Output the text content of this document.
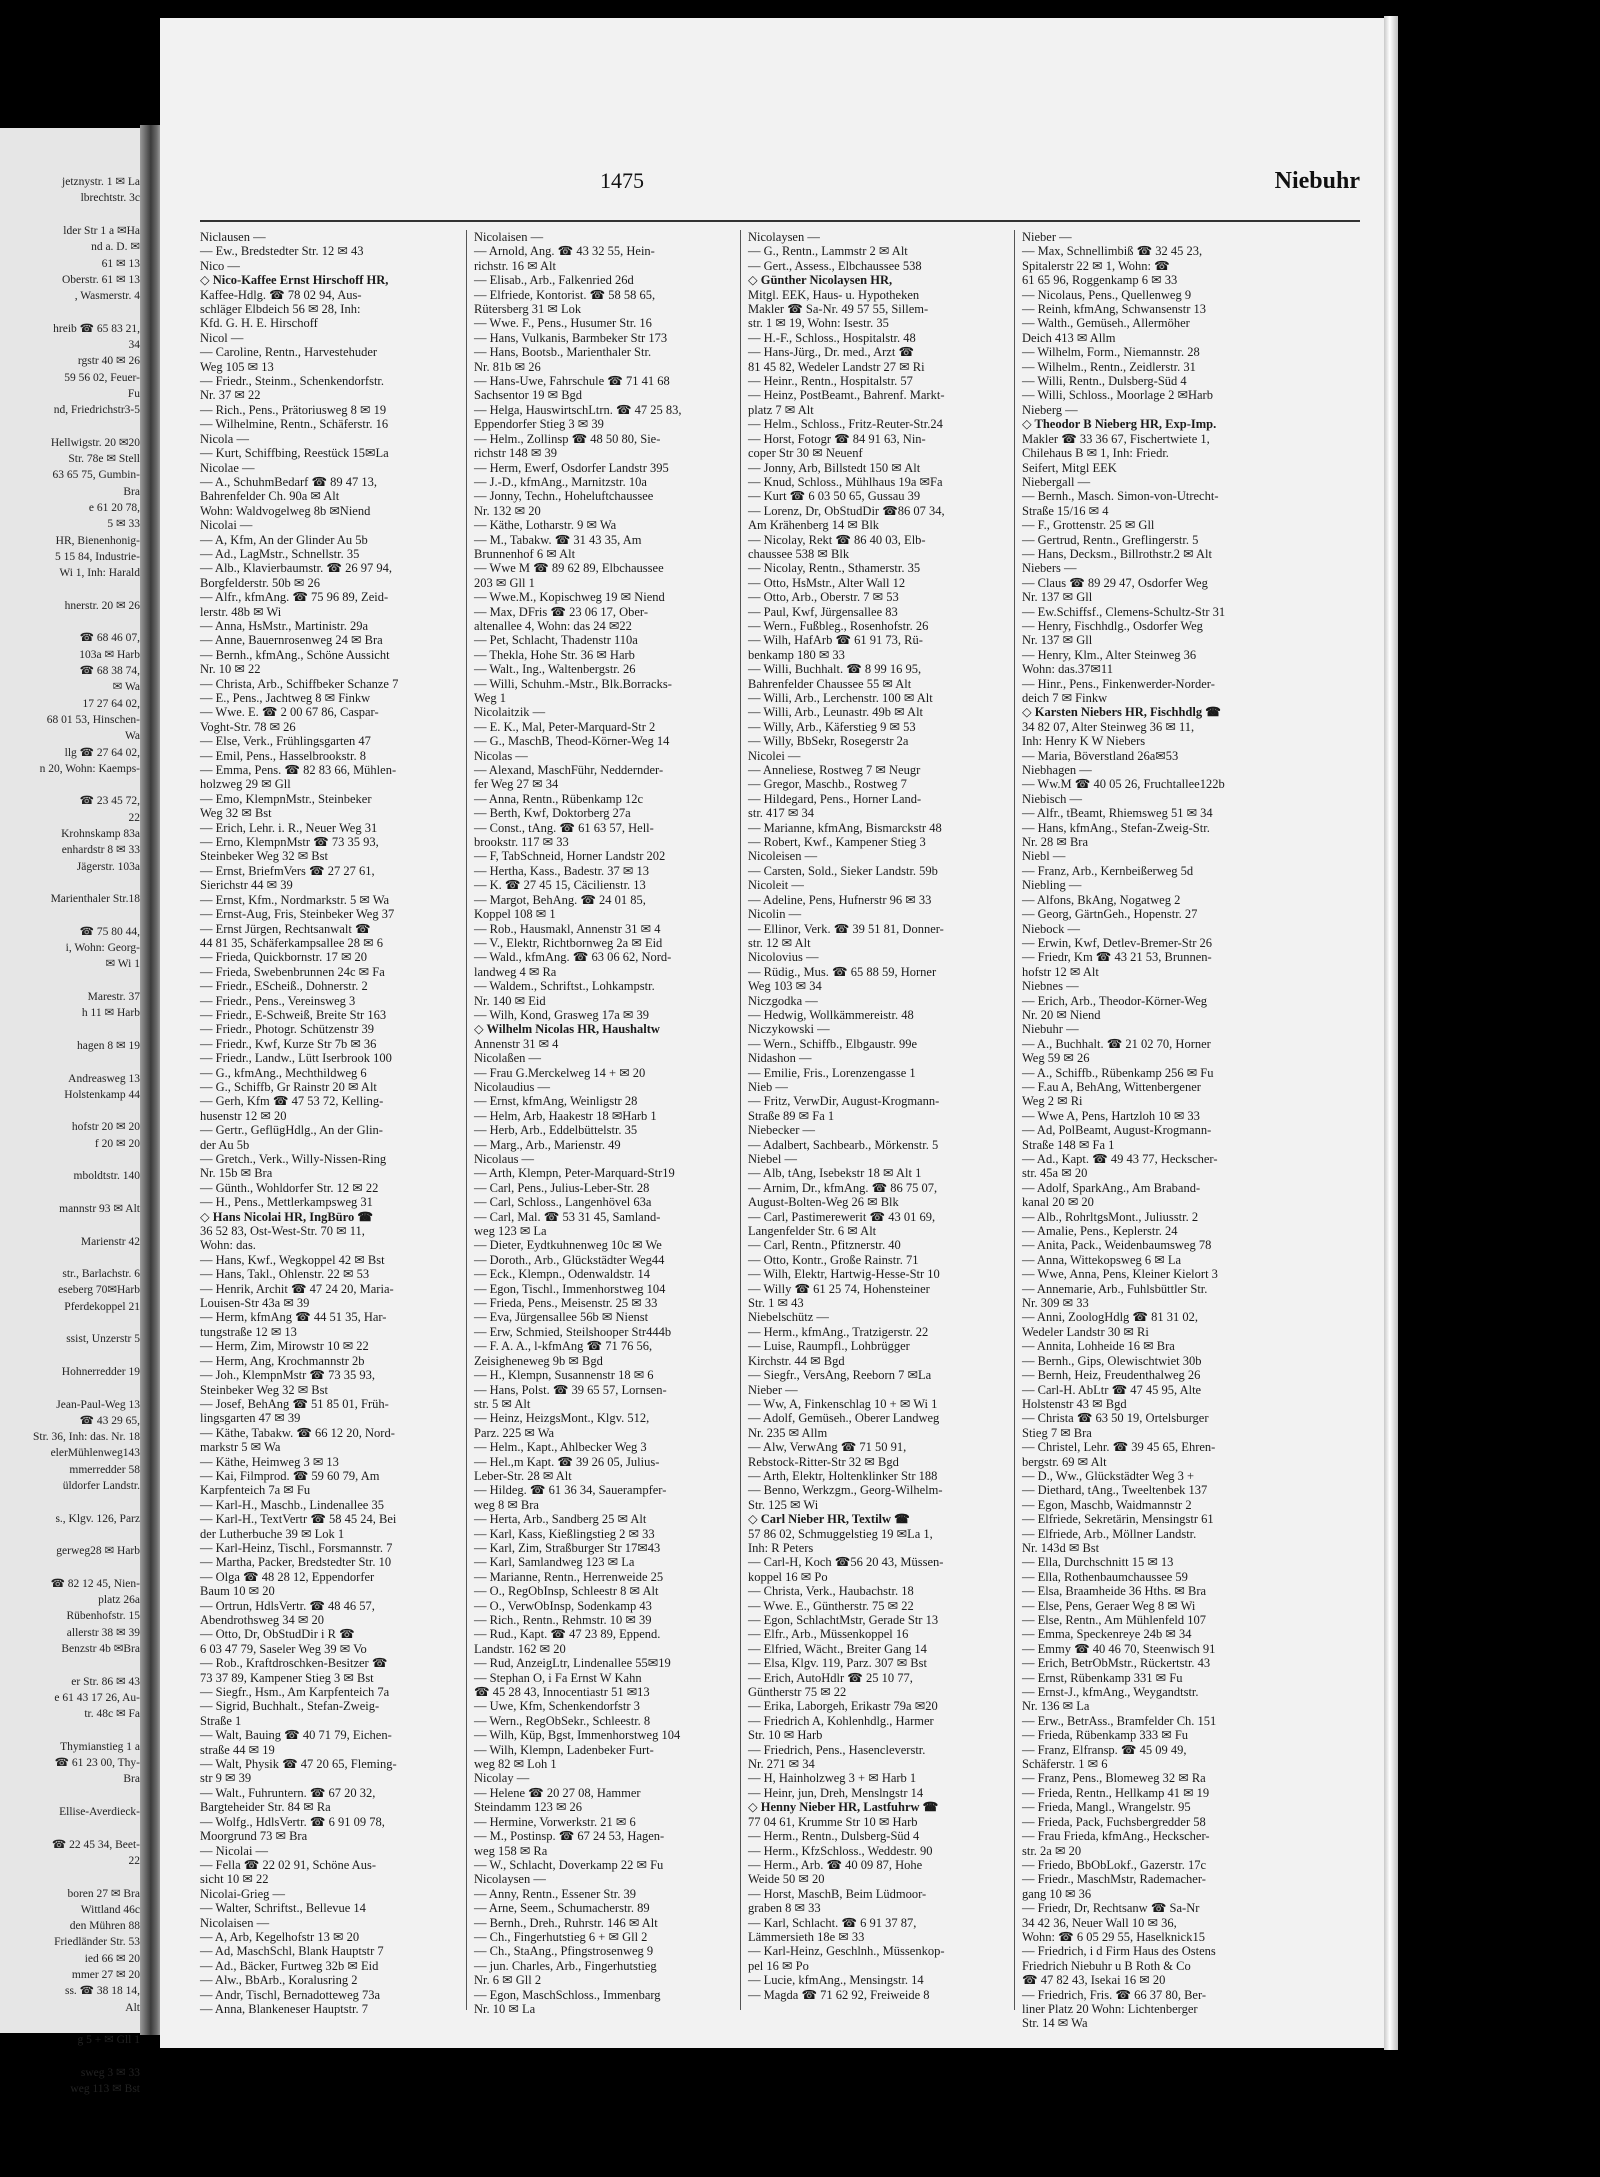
jetznystr. 1 ✉ La
lbrechtstr. 3c
lder Str 1 a ✉Ha
nd a. D. ✉
61 ✉ 13
Oberstr. 61 ✉ 13
, Wasmerstr. 4
hreib ☎ 65 83 21,
34
rgstr 40 ✉ 26
59 56 02, Feuer-
Fu
nd, Friedrichstr3-5
Hellwigstr. 20 ✉20
Str. 78e ✉ Stell
63 65 75, Gumbin-
Bra
e 61 20 78,
5 ✉ 33
HR, Bienenhonig-
5 15 84, Industrie-
Wi 1, Inh: Harald
hnerstr. 20 ✉ 26
☎ 68 46 07,
103a ✉ Harb
☎ 68 38 74,
✉ Wa
17 27 64 02,
68 01 53, Hinschen-
Wa
llg ☎ 27 64 02,
n 20, Wohn: Kaemps-
☎ 23 45 72,
22
Krohnskamp 83a
enhardstr 8 ✉ 33
Jägerstr. 103a
Marienthaler Str.18
☎ 75 80 44,
i, Wohn: Georg-
✉ Wi 1
Marestr. 37
h 11 ✉ Harb
hagen 8 ✉ 19
Andreasweg 13
Holstenkamp 44
hofstr 20 ✉ 20
f 20 ✉ 20
mboldtstr. 140
mannstr 93 ✉ Alt
Marienstr 42
str., Barlachstr. 6
eseberg 70✉Harb
Pferdekoppel 21
ssist, Unzerstr 5
Hohnerredder 19
Jean-Paul-Weg 13
☎ 43 29 65,
Str. 36, Inh: das. Nr. 18
elerMühlenweg143
mmerredder 58
üldorfer Landstr.
s., Klgv. 126, Parz
gerweg28 ✉ Harb
☎ 82 12 45, Nien-
platz 26a
Rübenhofstr. 15
allerstr 38 ✉ 39
Benzstr 4b ✉Bra
er Str. 86 ✉ 43
e 61 43 17 26, Au-
tr. 48c ✉ Fa
Thymianstieg 1 a
☎ 61 23 00, Thy-
Bra
Ellise-Averdieck-
☎ 22 45 34, Beet-
22
boren 27 ✉ Bra
Wittland 46c
den Mühren 88
Friedländer Str. 53
ied 66 ✉ 20
mmer 27 ✉ 20
ss. ☎ 38 18 14,
Alt
g 5 + ✉ Gll 1
sweg 3 ✉ 33
weg 113 ✉ Bst
1475	Niebuhr
Niclausen —
— Ew., Bredstedter Str. 12 ✉ 43
Nico —
◇ Nico-Kaffee Ernst Hirschoff HR,
Kaffee-Hdlg. ☎ 78 02 94, Aus-
schläger Elbdeich 56 ✉ 28, Inh:
Kfd. G. H. E. Hirschoff
Nicol —
— Caroline, Rentn., Harvestehuder
Weg 105 ✉ 13
— Friedr., Steinm., Schenkendorfstr.
Nr. 37 ✉ 22
— Rich., Pens., Prätoriusweg 8 ✉ 19
— Wilhelmine, Rentn., Schäferstr. 16
Nicola —
— Kurt, Schiffbing, Reestück 15✉La
Nicolae —
— A., SchuhmBedarf ☎ 89 47 13,
Bahrenfelder Ch. 90a ✉ Alt
Wohn: Waldvogelweg 8b ✉Niend
Nicolai —
— A, Kfm, An der Glinder Au 5b
— Ad., LagMstr., Schnellstr. 35
— Alb., Klavierbaumstr. ☎ 26 97 94,
Borgfelderstr. 50b ✉ 26
— Alfr., kfmAng. ☎ 75 96 89, Zeid-
lerstr. 48b ✉ Wi
— Anna, HsMstr., Martinistr. 29a
— Anne, Bauernrosenweg 24 ✉ Bra
— Bernh., kfmAng., Schöne Aussicht
Nr. 10 ✉ 22
— Christa, Arb., Schiffbeker Schanze 7
— E., Pens., Jachtweg 8 ✉ Finkw
— Wwe. E. ☎ 2 00 67 86, Caspar-
Voght-Str. 78 ✉ 26
— Else, Verk., Frühlingsgarten 47
— Emil, Pens., Hasselbrookstr. 8
— Emma, Pens. ☎ 82 83 66, Mühlen-
holzweg 29 ✉ Gll
— Emo, KlempnMstr., Steinbeker
Weg 32 ✉ Bst
— Erich, Lehr. i. R., Neuer Weg 31
— Erno, KlempnMstr ☎ 73 35 93,
Steinbeker Weg 32 ✉ Bst
— Ernst, BriefmVers ☎ 27 27 61,
Sierichstr 44 ✉ 39
— Ernst, Kfm., Nordmarkstr. 5 ✉ Wa
— Ernst-Aug, Fris, Steinbeker Weg 37
— Ernst Jürgen, Rechtsanwalt ☎
44 81 35, Schäferkampsallee 28 ✉ 6
— Frieda, Quickbornstr. 17 ✉ 20
— Frieda, Swebenbrunnen 24c ✉ Fa
— Friedr., EScheiß., Dohnerstr. 2
— Friedr., Pens., Vereinsweg 3
— Friedr., E-Schweiß, Breite Str 163
— Friedr., Photogr. Schützenstr 39
— Friedr., Kwf, Kurze Str 7b ✉ 36
— Friedr., Landw., Lütt Iserbrook 100
— G., kfmAng., Mechthildweg 6
— G., Schiffb, Gr Rainstr 20 ✉ Alt
— Gerh, Kfm ☎ 47 53 72, Kelling-
husenstr 12 ✉ 20
— Gertr., GeflügHdlg., An der Glin-
der Au 5b
— Gretch., Verk., Willy-Nissen-Ring
Nr. 15b ✉ Bra
— Günth., Wohldorfer Str. 12 ✉ 22
— H., Pens., Mettlerkampsweg 31
◇ Hans Nicolai HR, IngBüro ☎
36 52 83, Ost-West-Str. 70 ✉ 11,
Wohn: das.
— Hans, Kwf., Wegkoppel 42 ✉ Bst
— Hans, Takl., Ohlenstr. 22 ✉ 53
— Henrik, Archit ☎ 47 24 20, Maria-
Louisen-Str 43a ✉ 39
— Herm, kfmAng ☎ 44 51 35, Har-
tungstraße 12 ✉ 13
— Herm, Zim, Mirowstr 10 ✉ 22
— Herm, Ang, Krochmannstr 2b
— Joh., KlempnMstr ☎ 73 35 93,
Steinbeker Weg 32 ✉ Bst
— Josef, BehAng ☎ 51 85 01, Früh-
lingsgarten 47 ✉ 39
— Käthe, Tabakw. ☎ 66 12 20, Nord-
markstr 5 ✉ Wa
— Käthe, Heimweg 3 ✉ 13
— Kai, Filmprod. ☎ 59 60 79, Am
Karpfenteich 7a ✉ Fu
— Karl-H., Maschb., Lindenallee 35
— Karl-H., TextVertr ☎ 58 45 24, Bei
der Lutherbuche 39 ✉ Lok 1
— Karl-Heinz, Tischl., Forsmannstr. 7
— Martha, Packer, Bredstedter Str. 10
— Olga ☎ 48 28 12, Eppendorfer
Baum 10 ✉ 20
— Ortrun, HdlsVertr. ☎ 48 46 57,
Abendrothsweg 34 ✉ 20
— Otto, Dr, ObStudDir i R ☎
6 03 47 79, Saseler Weg 39 ✉ Vo
— Rob., Kraftdroschken-Besitzer ☎
73 37 89, Kampener Stieg 3 ✉ Bst
— Siegfr., Hsm., Am Karpfenteich 7a
— Sigrid, Buchhalt., Stefan-Zweig-
Straße 1
— Walt, Bauing ☎ 40 71 79, Eichen-
straße 44 ✉ 19
— Walt, Physik ☎ 47 20 65, Fleming-
str 9 ✉ 39
— Walt., Fuhruntern. ☎ 67 20 32,
Bargteheider Str. 84 ✉ Ra
— Wolfg., HdlsVertr. ☎ 6 91 09 78,
Moorgrund 73 ✉ Bra
— Nicolai —
— Fella ☎ 22 02 91, Schöne Aus-
sicht 10 ✉ 22
Nicolai-Grieg —
— Walter, Schriftst., Bellevue 14
Nicolaisen —
— A, Arb, Kegelhofstr 13 ✉ 20
— Ad, MaschSchl, Blank Hauptstr 7
— Ad., Bäcker, Furtweg 32b ✉ Eid
— Alw., BbArb., Koralusring 2
— Andr, Tischl, Bernadotteweg 73a
— Anna, Blankeneser Hauptstr. 7
Nicolaisen —
— Arnold, Ang. ☎ 43 32 55, Hein-
richstr. 16 ✉ Alt
— Elisab., Arb., Falkenried 26d
— Elfriede, Kontorist. ☎ 58 58 65,
Rütersberg 31 ✉ Lok
— Wwe. F., Pens., Husumer Str. 16
— Hans, Vulkanis, Barmbeker Str 173
— Hans, Bootsb., Marienthaler Str.
Nr. 81b ✉ 26
— Hans-Uwe, Fahrschule ☎ 71 41 68
Sachsentor 19 ✉ Bgd
— Helga, HauswirtschLtrn. ☎ 47 25 83,
Eppendorfer Stieg 3 ✉ 39
— Helm., Zollinsp ☎ 48 50 80, Sie-
richstr 148 ✉ 39
— Herm, Ewerf, Osdorfer Landstr 395
— J.-D., kfmAng., Marnitzstr. 10a
— Jonny, Techn., Hoheluftchaussee
Nr. 132 ✉ 20
— Käthe, Lotharstr. 9 ✉ Wa
— M., Tabakw. ☎ 31 43 35, Am
Brunnenhof 6 ✉ Alt
— Wwe M ☎ 89 62 89, Elbchaussee
203 ✉ Gll 1
— Wwe.M., Kopischweg 19 ✉ Niend
— Max, DFris ☎ 23 06 17, Ober-
altenallee 4, Wohn: das 24 ✉22
— Pet, Schlacht, Thadenstr 110a
— Thekla, Hohe Str. 36 ✉ Harb
— Walt., Ing., Waltenbergstr. 26
— Willi, Schuhm.-Mstr., Blk.Borracks-
Weg 1
Nicolaitzik —
— E. K., Mal, Peter-Marquard-Str 2
— G., MaschB, Theod-Körner-Weg 14
Nicolas —
— Alexand, MaschFühr, Neddernder-
fer Weg 27 ✉ 34
— Anna, Rentn., Rübenkamp 12c
— Berth, Kwf, Doktorberg 27a
— Const., tAng. ☎ 61 63 57, Hell-
brookstr. 117 ✉ 33
— F, TabSchneid, Horner Landstr 202
— Hertha, Kass., Badestr. 37 ✉ 13
— K. ☎ 27 45 15, Cäcilienstr. 13
— Margot, BehAng. ☎ 24 01 85,
Koppel 108 ✉ 1
— Rob., Hausmakl, Annenstr 31 ✉ 4
— V., Elektr, Richtbornweg 2a ✉ Eid
— Wald., kfmAng. ☎ 63 06 62, Nord-
landweg 4 ✉ Ra
— Waldem., Schriftst., Lohkampstr.
Nr. 140 ✉ Eid
— Wilh, Kond, Grasweg 17a ✉ 39
◇ Wilhelm Nicolas HR, Haushaltw
Annenstr 31 ✉ 4
Nicolaßen —
— Frau G.Merckelweg 14 + ✉ 20
Nicolaudius —
— Ernst, kfmAng, Weinligstr 28
— Helm, Arb, Haakestr 18 ✉Harb 1
— Herb, Arb., Eddelbüttelstr. 35
— Marg., Arb., Marienstr. 49
Nicolaus —
— Arth, Klempn, Peter-Marquard-Str19
— Carl, Pens., Julius-Leber-Str. 28
— Carl, Schloss., Langenhövel 63a
— Carl, Mal. ☎ 53 31 45, Samland-
weg 123 ✉ La
— Dieter, Eydtkuhnenweg 10c ✉ We
— Doroth., Arb., Glückstädter Weg44
— Eck., Klempn., Odenwaldstr. 14
— Egon, Tischl., Immenhorstweg 104
— Frieda, Pens., Meisenstr. 25 ✉ 33
— Eva, Jürgensallee 56b ✉ Nienst
— Erw, Schmied, Steilshooper Str444b
— F. A. A., l-kfmAng ☎ 71 76 56,
Zeisigheneweg 9b ✉ Bgd
— H., Klempn, Susannenstr 18 ✉ 6
— Hans, Polst. ☎ 39 65 57, Lornsen-
str. 5 ✉ Alt
— Heinz, HeizgsMont., Klgv. 512,
Parz. 225 ✉ Wa
— Helm., Kapt., Ahlbecker Weg 3
— Hel.,m Kapt. ☎ 39 26 05, Julius-
Leber-Str. 28 ✉ Alt
— Hildeg. ☎ 61 36 34, Sauerampfer-
weg 8 ✉ Bra
— Herta, Arb., Sandberg 25 ✉ Alt
— Karl, Kass, Kießlingstieg 2 ✉ 33
— Karl, Zim, Straßburger Str 17✉43
— Karl, Samlandweg 123 ✉ La
— Marianne, Rentn., Herrenweide 25
— O., RegObInsp, Schleestr 8 ✉ Alt
— O., VerwObInsp, Sodenkamp 43
— Rich., Rentn., Rehmstr. 10 ✉ 39
— Rud., Kapt. ☎ 47 23 89, Eppend.
Landstr. 162 ✉ 20
— Rud, AnzeigLtr, Lindenallee 55✉19
— Stephan O, i Fa Ernst W Kahn
☎ 45 28 43, Innocentiastr 51 ✉13
— Uwe, Kfm, Schenkendorfstr 3
— Wern., RegObSekr., Schleestr. 8
— Wilh, Küp, Bgst, Immenhorstweg 104
— Wilh, Klempn, Ladenbeker Furt-
weg 82 ✉ Loh 1
Nicolay —
— Helene ☎ 20 27 08, Hammer
Steindamm 123 ✉ 26
— Hermine, Vorwerkstr. 21 ✉ 6
— M., Postinsp. ☎ 67 24 53, Hagen-
weg 158 ✉ Ra
— W., Schlacht, Doverkamp 22 ✉ Fu
Nicolaysen —
— Anny, Rentn., Essener Str. 39
— Arne, Seem., Schumacherstr. 89
— Bernh., Dreh., Ruhrstr. 146 ✉ Alt
— Ch., Fingerhutstieg 6 + ✉ Gll 2
— Ch., StaAng., Pfingstrosenweg 9
— jun. Charles, Arb., Fingerhutstieg
Nr. 6 ✉ Gll 2
— Egon, MaschSchloss., Immenbarg
Nr. 10 ✉ La
Nicolaysen —
— G., Rentn., Lammstr 2 ✉ Alt
— Gert., Assess., Elbchaussee 538
◇ Günther Nicolaysen HR,
Mitgl. EEK, Haus- u. Hypotheken
Makler ☎ Sa-Nr. 49 57 55, Sillem-
str. 1 ✉ 19, Wohn: Isestr. 35
— H.-F., Schloss., Hospitalstr. 48
— Hans-Jürg., Dr. med., Arzt ☎
81 45 82, Wedeler Landstr 27 ✉ Ri
— Heinr., Rentn., Hospitalstr. 57
— Heinz, PostBeamt., Bahrenf. Markt-
platz 7 ✉ Alt
— Helm., Schloss., Fritz-Reuter-Str.24
— Horst, Fotogr ☎ 84 91 63, Nin-
coper Str 30 ✉ Neuenf
— Jonny, Arb, Billstedt 150 ✉ Alt
— Knud, Schloss., Mühlhaus 19a ✉Fa
— Kurt ☎ 6 03 50 65, Gussau 39
— Lorenz, Dr, ObStudDir ☎86 07 34,
Am Krähenberg 14 ✉ Blk
— Nicolay, Rekt ☎ 86 40 03, Elb-
chaussee 538 ✉ Blk
— Nicolay, Rentn., Sthamerstr. 35
— Otto, HsMstr., Alter Wall 12
— Otto, Arb., Oberstr. 7 ✉ 53
— Paul, Kwf, Jürgensallee 83
— Wern., Fußbleg., Rosenhofstr. 26
— Wilh, HafArb ☎ 61 91 73, Rü-
benkamp 180 ✉ 33
— Willi, Buchhalt. ☎ 8 99 16 95,
Bahrenfelder Chaussee 55 ✉ Alt
— Willi, Arb., Lerchenstr. 100 ✉ Alt
— Willi, Arb., Leunastr. 49b ✉ Alt
— Willy, Arb., Käferstieg 9 ✉ 53
— Willy, BbSekr, Rosegerstr 2a
Nicolei —
— Anneliese, Rostweg 7 ✉ Neugr
— Gregor, Maschb., Rostweg 7
— Hildegard, Pens., Horner Land-
str. 417 ✉ 34
— Marianne, kfmAng, Bismarckstr 48
— Robert, Kwf., Kampener Stieg 3
Nicoleisen —
— Carsten, Sold., Sieker Landstr. 59b
Nicoleit —
— Adeline, Pens, Hufnerstr 96 ✉ 33
Nicolin —
— Ellinor, Verk. ☎ 39 51 81, Donner-
str. 12 ✉ Alt
Nicolovius —
— Rüdig., Mus. ☎ 65 88 59, Horner
Weg 103 ✉ 34
Niczgodka —
— Hedwig, Wollkämmereistr. 48
Niczykowski —
— Wern., Schiffb., Elbgaustr. 99e
Nidashon —
— Emilie, Fris., Lorenzengasse 1
Nieb —
— Fritz, VerwDir, August-Krogmann-
Straße 89 ✉ Fa 1
Niebecker —
— Adalbert, Sachbearb., Mörkenstr. 5
Niebel —
— Alb, tAng, Isebekstr 18 ✉ Alt 1
— Arnim, Dr., kfmAng. ☎ 86 75 07,
August-Bolten-Weg 26 ✉ Blk
— Carl, Pastimerewerit ☎ 43 01 69,
Langenfelder Str. 6 ✉ Alt
— Carl, Rentn., Pfitznerstr. 40
— Otto, Kontr., Große Rainstr. 71
— Wilh, Elektr, Hartwig-Hesse-Str 10
— Willy ☎ 61 25 74, Hohensteiner
Str. 1 ✉ 43
Niebelschütz —
— Herm., kfmAng., Tratzigerstr. 22
— Luise, Raumpfl., Lohbrügger
Kirchstr. 44 ✉ Bgd
— Siegfr., VersAng, Reeborn 7 ✉La
Nieber —
— Ww, A, Finkenschlag 10 + ✉ Wi 1
— Adolf, Gemüseh., Oberer Landweg
Nr. 235 ✉ Allm
— Alw, VerwAng ☎ 71 50 91,
Rebstock-Ritter-Str 32 ✉ Bgd
— Arth, Elektr, Holtenklinker Str 188
— Benno, Werkzgm., Georg-Wilhelm-
Str. 125 ✉ Wi
◇ Carl Nieber HR, Textilw ☎
57 86 02, Schmuggelstieg 19 ✉La 1,
Inh: R Peters
— Carl-H, Koch ☎56 20 43, Müssen-
koppel 16 ✉ Po
— Christa, Verk., Haubachstr. 18
— Wwe. E., Güntherstr. 75 ✉ 22
— Egon, SchlachtMstr, Gerade Str 13
— Elfr., Arb., Müssenkoppel 16
— Elfried, Wächt., Breiter Gang 14
— Elsa, Klgv. 119, Parz. 307 ✉ Bst
— Erich, AutoHdlr ☎ 25 10 77,
Güntherstr 75 ✉ 22
— Erika, Laborgeh, Erikastr 79a ✉20
— Friedrich A, Kohlenhdlg., Harmer
Str. 10 ✉ Harb
— Friedrich, Pens., Hasencleverstr.
Nr. 271 ✉ 34
— H, Hainholzweg 3 + ✉ Harb 1
— Heinr, jun, Dreh, Menslngstr 14
◇ Henny Nieber HR, Lastfuhrw ☎
77 04 61, Krumme Str 10 ✉ Harb
— Herm., Rentn., Dulsberg-Süd 4
— Herm., KfzSchloss., Weddestr. 90
— Herm., Arb. ☎ 40 09 87, Hohe
Weide 50 ✉ 20
— Horst, MaschB, Beim Lüdmoor-
graben 8 ✉ 33
— Karl, Schlacht. ☎ 6 91 37 87,
Lämmersieth 18e ✉ 33
— Karl-Heinz, Geschlnh., Müssenkop-
pel 16 ✉ Po
— Lucie, kfmAng., Mensingstr. 14
— Magda ☎ 71 62 92, Freiweide 8
Nieber —
— Max, Schnellimbiß ☎ 32 45 23,
Spitalerstr 22 ✉ 1, Wohn: ☎
61 65 96, Roggenkamp 6 ✉ 33
— Nicolaus, Pens., Quellenweg 9
— Reinh, kfmAng, Schwansenstr 13
— Walth., Gemüseh., Allermöher
Deich 413 ✉ Allm
— Wilhelm, Form., Niemannstr. 28
— Wilhelm., Rentn., Zeidlerstr. 31
— Willi, Rentn., Dulsberg-Süd 4
— Willi, Schloss., Moorlage 2 ✉Harb
Nieberg —
◇ Theodor B Nieberg HR, Exp-Imp.
Makler ☎ 33 36 67, Fischertwiete 1,
Chilehaus B ✉ 1, Inh: Friedr.
Seifert, Mitgl EEK
Niebergall —
— Bernh., Masch. Simon-von-Utrecht-
Straße 15/16 ✉ 4
— F., Grottenstr. 25 ✉ Gll
— Gertrud, Rentn., Greflingerstr. 5
— Hans, Decksm., Billrothstr.2 ✉ Alt
Niebers —
— Claus ☎ 89 29 47, Osdorfer Weg
Nr. 137 ✉ Gll
— Ew.Schiffsf., Clemens-Schultz-Str 31
— Henry, Fischhdlg., Osdorfer Weg
Nr. 137 ✉ Gll
— Henry, Klm., Alter Steinweg 36
Wohn: das.37✉11
— Hinr., Pens., Finkenwerder-Norder-
deich 7 ✉ Finkw
◇ Karsten Niebers HR, Fischhdlg ☎
34 82 07, Alter Steinweg 36 ✉ 11,
Inh: Henry K W Niebers
— Maria, Böverstland 26a✉53
Niebhagen —
— Ww.M ☎ 40 05 26, Fruchtallee122b
Niebisch —
— Alfr., tBeamt, Rhiemsweg 51 ✉ 34
— Hans, kfmAng., Stefan-Zweig-Str.
Nr. 28 ✉ Bra
Niebl —
— Franz, Arb., Kernbeißerweg 5d
Niebling —
— Alfons, BkAng, Nogatweg 2
— Georg, GärtnGeh., Hopenstr. 27
Niebock —
— Erwin, Kwf, Detlev-Bremer-Str 26
— Friedr, Km ☎ 43 21 53, Brunnen-
hofstr 12 ✉ Alt
Niebnes —
— Erich, Arb., Theodor-Körner-Weg
Nr. 20 ✉ Niend
Niebuhr —
— A., Buchhalt. ☎ 21 02 70, Horner
Weg 59 ✉ 26
— A., Schiffb., Rübenkamp 256 ✉ Fu
— F.au A, BehAng, Wittenbergener
Weg 2 ✉ Ri
— Wwe A, Pens, Hartzloh 10 ✉ 33
— Ad, PolBeamt, August-Krogmann-
Straße 148 ✉ Fa 1
— Ad., Kapt. ☎ 49 43 77, Heckscher-
str. 45a ✉ 20
— Adolf, SparkAng., Am Braband-
kanal 20 ✉ 20
— Alb., RohrltgsMont., Juliusstr. 2
— Amalie, Pens., Keplerstr. 24
— Anita, Pack., Weidenbaumsweg 78
— Anna, Wittekopsweg 6 ✉ La
— Wwe, Anna, Pens, Kleiner Kielort 3
— Annemarie, Arb., Fuhlsbüttler Str.
Nr. 309 ✉ 33
— Anni, ZoologHdlg ☎ 81 31 02,
Wedeler Landstr 30 ✉ Ri
— Annita, Lohheide 16 ✉ Bra
— Bernh., Gips, Olewischtwiet 30b
— Bernh, Heiz, Freudenthalweg 26
— Carl-H. AbLtr ☎ 47 45 95, Alte
Holstenstr 43 ✉ Bgd
— Christa ☎ 63 50 19, Ortelsburger
Stieg 7 ✉ Bra
— Christel, Lehr. ☎ 39 45 65, Ehren-
bergstr. 69 ✉ Alt
— D., Ww., Glückstädter Weg 3 +
— Diethard, tAng., Tweeltenbek 137
— Egon, Maschb, Waidmannstr 2
— Elfriede, Sekretärin, Mensingstr 61
— Elfriede, Arb., Möllner Landstr.
Nr. 143d ✉ Bst
— Ella, Durchschnitt 15 ✉ 13
— Ella, Rothenbaumchaussee 59
— Elsa, Braamheide 36 Hths. ✉ Bra
— Else, Pens, Geraer Weg 8 ✉ Wi
— Else, Rentn., Am Mühlenfeld 107
— Emma, Speckenreye 24b ✉ 34
— Emmy ☎ 40 46 70, Steenwisch 91
— Erich, BetrObMstr., Rückertstr. 43
— Ernst, Rübenkamp 331 ✉ Fu
— Ernst-J., kfmAng., Weygandtstr.
Nr. 136 ✉ La
— Erw., BetrAss., Bramfelder Ch. 151
— Frieda, Rübenkamp 333 ✉ Fu
— Franz, Elfransp. ☎ 45 09 49,
Schäferstr. 1 ✉ 6
— Franz, Pens., Blomeweg 32 ✉ Ra
— Frieda, Rentn., Hellkamp 41 ✉ 19
— Frieda, Mangl., Wrangelstr. 95
— Frieda, Pack, Fuchsbergredder 58
— Frau Frieda, kfmAng., Heckscher-
str. 2a ✉ 20
— Friedo, BbObLokf., Gazerstr. 17c
— Friedr., MaschMstr, Rademacher-
gang 10 ✉ 36
— Friedr, Dr, Rechtsanw ☎ Sa-Nr
34 42 36, Neuer Wall 10 ✉ 36,
Wohn: ☎ 6 05 29 55, Haselknick15
— Friedrich, i d Firm Haus des Ostens
Friedrich Niebuhr u B Roth & Co
☎ 47 82 43, Isekai 16 ✉ 20
— Friedrich, Fris. ☎ 66 37 80, Ber-
liner Platz 20 Wohn: Lichtenberger
Str. 14 ✉ Wa
